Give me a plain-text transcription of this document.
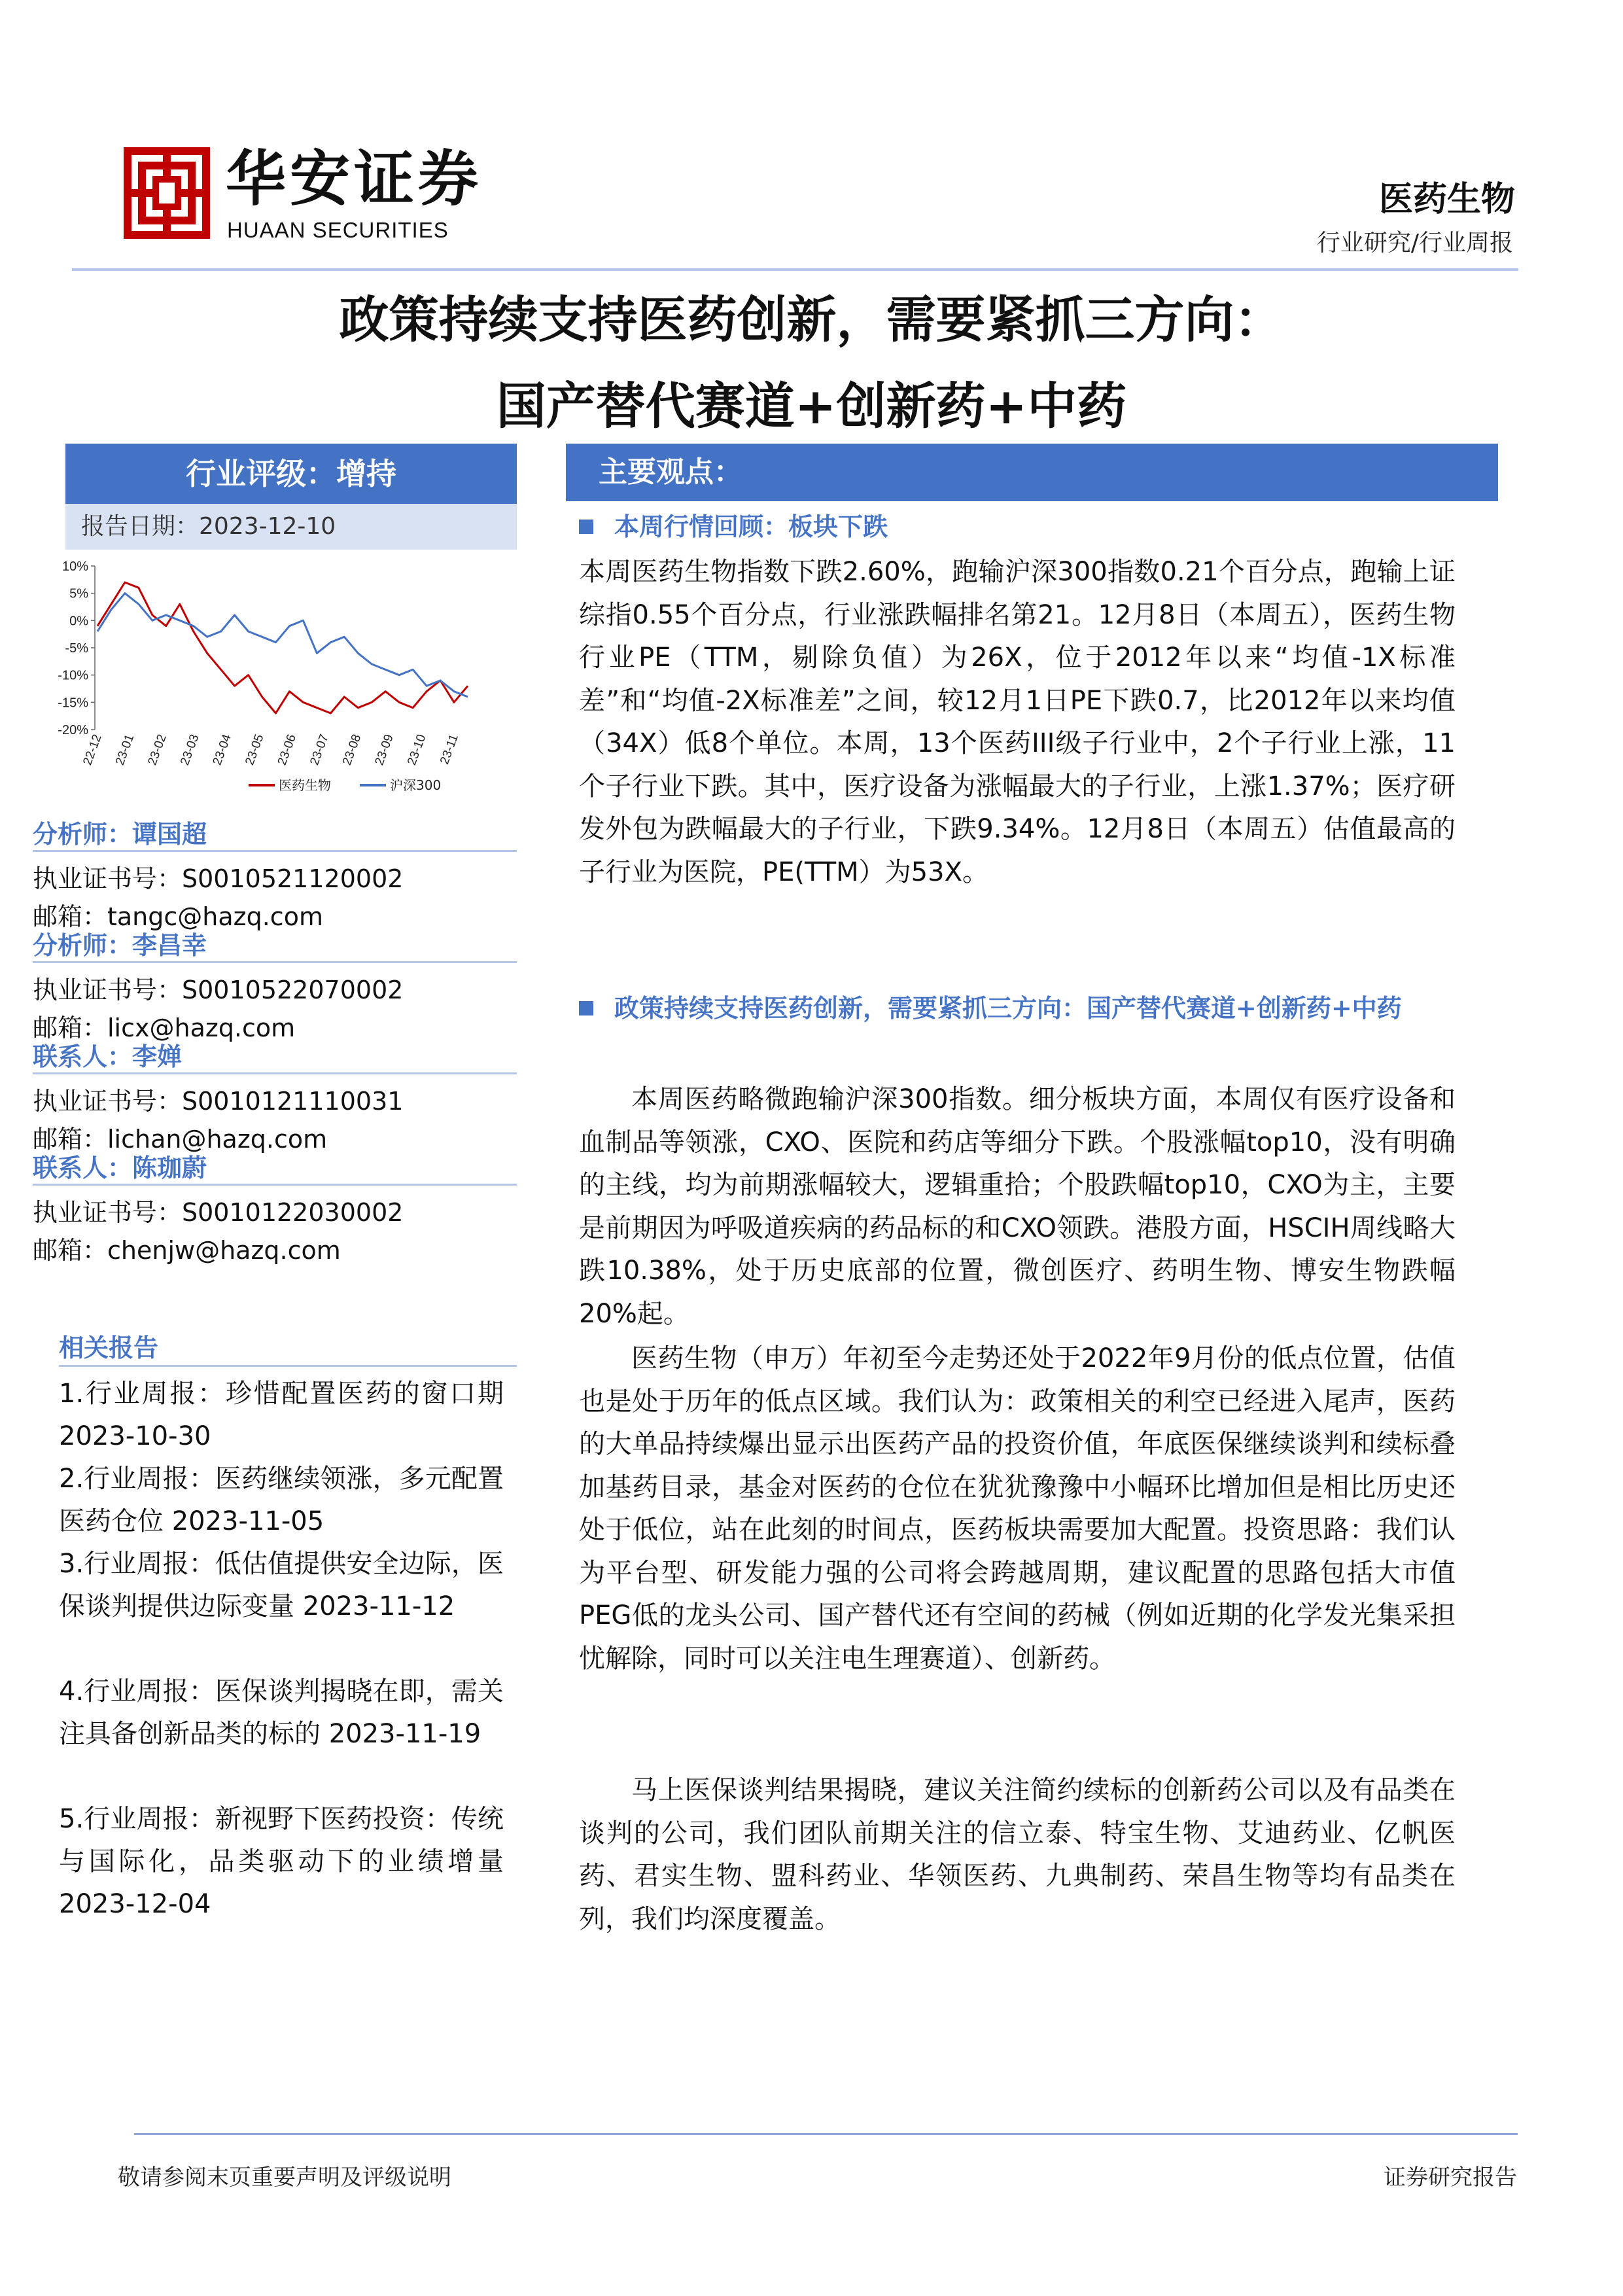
华安证券
HUAAN SECURITIES
医药生物
行业研究/行业周报
政策持续支持医药创新，需要紧抓三方向：
国产替代赛道+创新药+中药
行业评级：增持
报告日期：2023-12-10
10%
5%
0%
-5%
-10%
-15%
-20%
22-12 23-01 23-02 23-03 23-04 23-05 23-06 23-07 23-08 23-09 23-10 23-11
医药生物	沪深300
分析师：谭国超
执业证书号：S0010521120002
邮箱：tangc@hazq.com
分析师：李昌幸
执业证书号：S0010522070002
邮箱：licx@hazq.com
联系人：李婵
执业证书号：S0010121110031
邮箱：lichan@hazq.com
联系人：陈珈蔚
执业证书号：S0010122030002
邮箱：chenjw@hazq.com
相关报告
1.行业周报：珍惜配置医药的窗口期 2023-10-30
2.行业周报：医药继续领涨，多元配置医药仓位 2023-11-05
3.行业周报：低估值提供安全边际，医保谈判提供边际变量 2023-11-12
4.行业周报：医保谈判揭晓在即，需关注具备创新品类的标的 2023-11-19
5.行业周报：新视野下医药投资：传统与国际化，品类驱动下的业绩增量 2023-12-04
主要观点：
本周行情回顾：板块下跌
本周医药生物指数下跌2.60%，跑输沪深300指数0.21个百分点，跑输上证综指0.55个百分点，行业涨跌幅排名第21。12月8日（本周五），医药生物行业PE（TTM，剔除负值）为26X，位于2012年以来“均值-1X标准差”和“均值-2X标准差”之间，较12月1日PE下跌0.7，比2012年以来均值（34X）低8个单位。本周，13个医药III级子行业中，2个子行业上涨，11个子行业下跌。其中，医疗设备为涨幅最大的子行业，上涨1.37%；医疗研发外包为跌幅最大的子行业，下跌9.34%。12月8日（本周五）估值最高的子行业为医院，PE(TTM）为53X。
政策持续支持医药创新，需要紧抓三方向：国产替代赛道+创新药+中药
本周医药略微跑输沪深300指数。细分板块方面，本周仅有医疗设备和血制品等领涨，CXO、医院和药店等细分下跌。个股涨幅top10，没有明确的主线，均为前期涨幅较大，逻辑重拾；个股跌幅top10，CXO为主，主要是前期因为呼吸道疾病的药品标的和CXO领跌。港股方面，HSCIH周线略大跌10.38%，处于历史底部的位置，微创医疗、药明生物、博安生物跌幅20%起。
医药生物（申万）年初至今走势还处于2022年9月份的低点位置，估值也是处于历年的低点区域。我们认为：政策相关的利空已经进入尾声，医药的大单品持续爆出显示出医药产品的投资价值，年底医保继续谈判和续标叠加基药目录，基金对医药的仓位在犹犹豫豫中小幅环比增加但是相比历史还处于低位，站在此刻的时间点，医药板块需要加大配置。投资思路：我们认为平台型、研发能力强的公司将会跨越周期，建议配置的思路包括大市值PEG低的龙头公司、国产替代还有空间的药械（例如近期的化学发光集采担忧解除，同时可以关注电生理赛道）、创新药。
马上医保谈判结果揭晓，建议关注简约续标的创新药公司以及有品类在谈判的公司，我们团队前期关注的信立泰、特宝生物、艾迪药业、亿帆医药、君实生物、盟科药业、华领医药、九典制药、荣昌生物等均有品类在列，我们均深度覆盖。
敬请参阅末页重要声明及评级说明	证券研究报告
